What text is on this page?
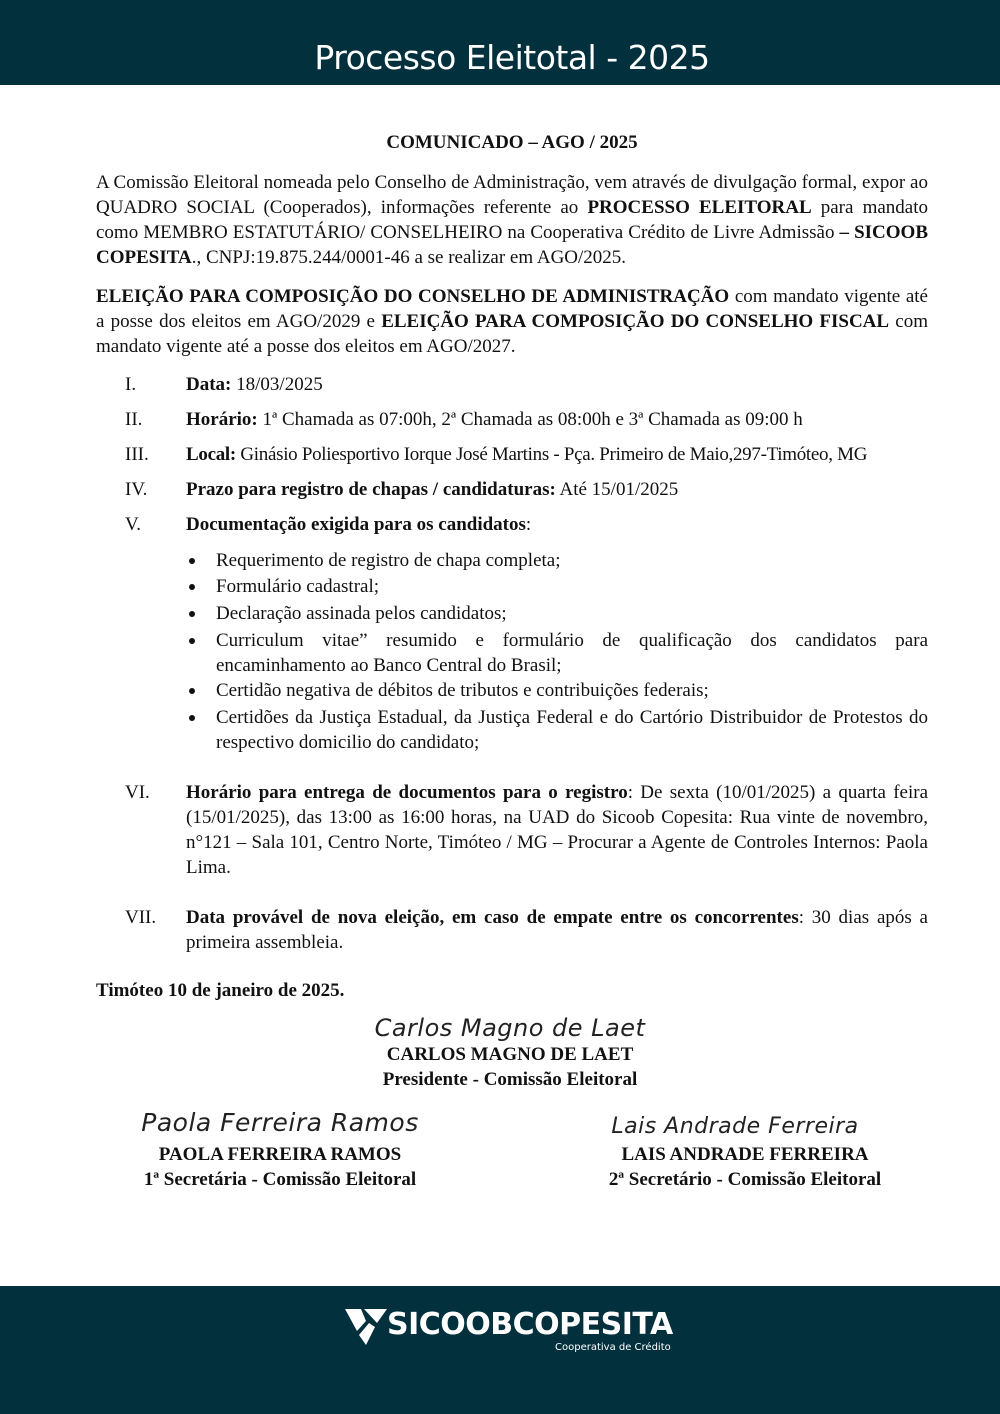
Processo Eleitotal - 2025
COMUNICADO – AGO / 2025
A Comissão Eleitoral nomeada pelo Conselho de Administração, vem através de divulgação formal, expor ao QUADRO SOCIAL (Cooperados), informações referente ao PROCESSO ELEITORAL para mandato como MEMBRO ESTATUTÁRIO/ CONSELHEIRO na Cooperativa Crédito de Livre Admissão – SICOOB COPESITA., CNPJ:19.875.244/0001-46 a se realizar em AGO/2025.
ELEIÇÃO PARA COMPOSIÇÃO DO CONSELHO DE ADMINISTRAÇÃO com mandato vigente até a posse dos eleitos em AGO/2029 e ELEIÇÃO PARA COMPOSIÇÃO DO CONSELHO FISCAL com mandato vigente até a posse dos eleitos em AGO/2027.
I.	Data: 18/03/2025
II. Horário: 1ª Chamada as 07:00h, 2ª Chamada as 08:00h e 3ª Chamada as 09:00 h
III. Local: Ginásio Poliesportivo Iorque José Martins - Pça. Primeiro de Maio,297-Timóteo, MG
IV. Prazo para registro de chapas / candidaturas: Até 15/01/2025
V. Documentação exigida para os candidatos:
Requerimento de registro de chapa completa;
Formulário cadastral;
Declaração assinada pelos candidatos;
Curriculum vitae” resumido e formulário de qualificação dos candidatos para encaminhamento ao Banco Central do Brasil;
Certidão negativa de débitos de tributos e contribuições federais;
Certidões da Justiça Estadual, da Justiça Federal e do Cartório Distribuidor de Protestos do respectivo domicilio do candidato;
VI. Horário para entrega de documentos para o registro: De sexta (10/01/2025) a quarta feira (15/01/2025), das 13:00 as 16:00 horas, na UAD do Sicoob Copesita: Rua vinte de novembro, n°121 – Sala 101, Centro Norte, Timóteo / MG – Procurar a Agente de Controles Internos: Paola Lima.
VII. Data provável de nova eleição, em caso de empate entre os concorrentes: 30 dias após a primeira assembleia.
Timóteo 10 de janeiro de 2025.
Carlos Magno de Laet
CARLOS MAGNO DE LAET
Presidente - Comissão Eleitoral
Paola Ferreira Ramos
PAOLA FERREIRA RAMOS
1ª Secretária - Comissão Eleitoral
Lais Andrade Ferreira
LAIS ANDRADE FERREIRA
2ª Secretário - Comissão Eleitoral
SICOOBCOPESITA
Cooperativa de Crédito
